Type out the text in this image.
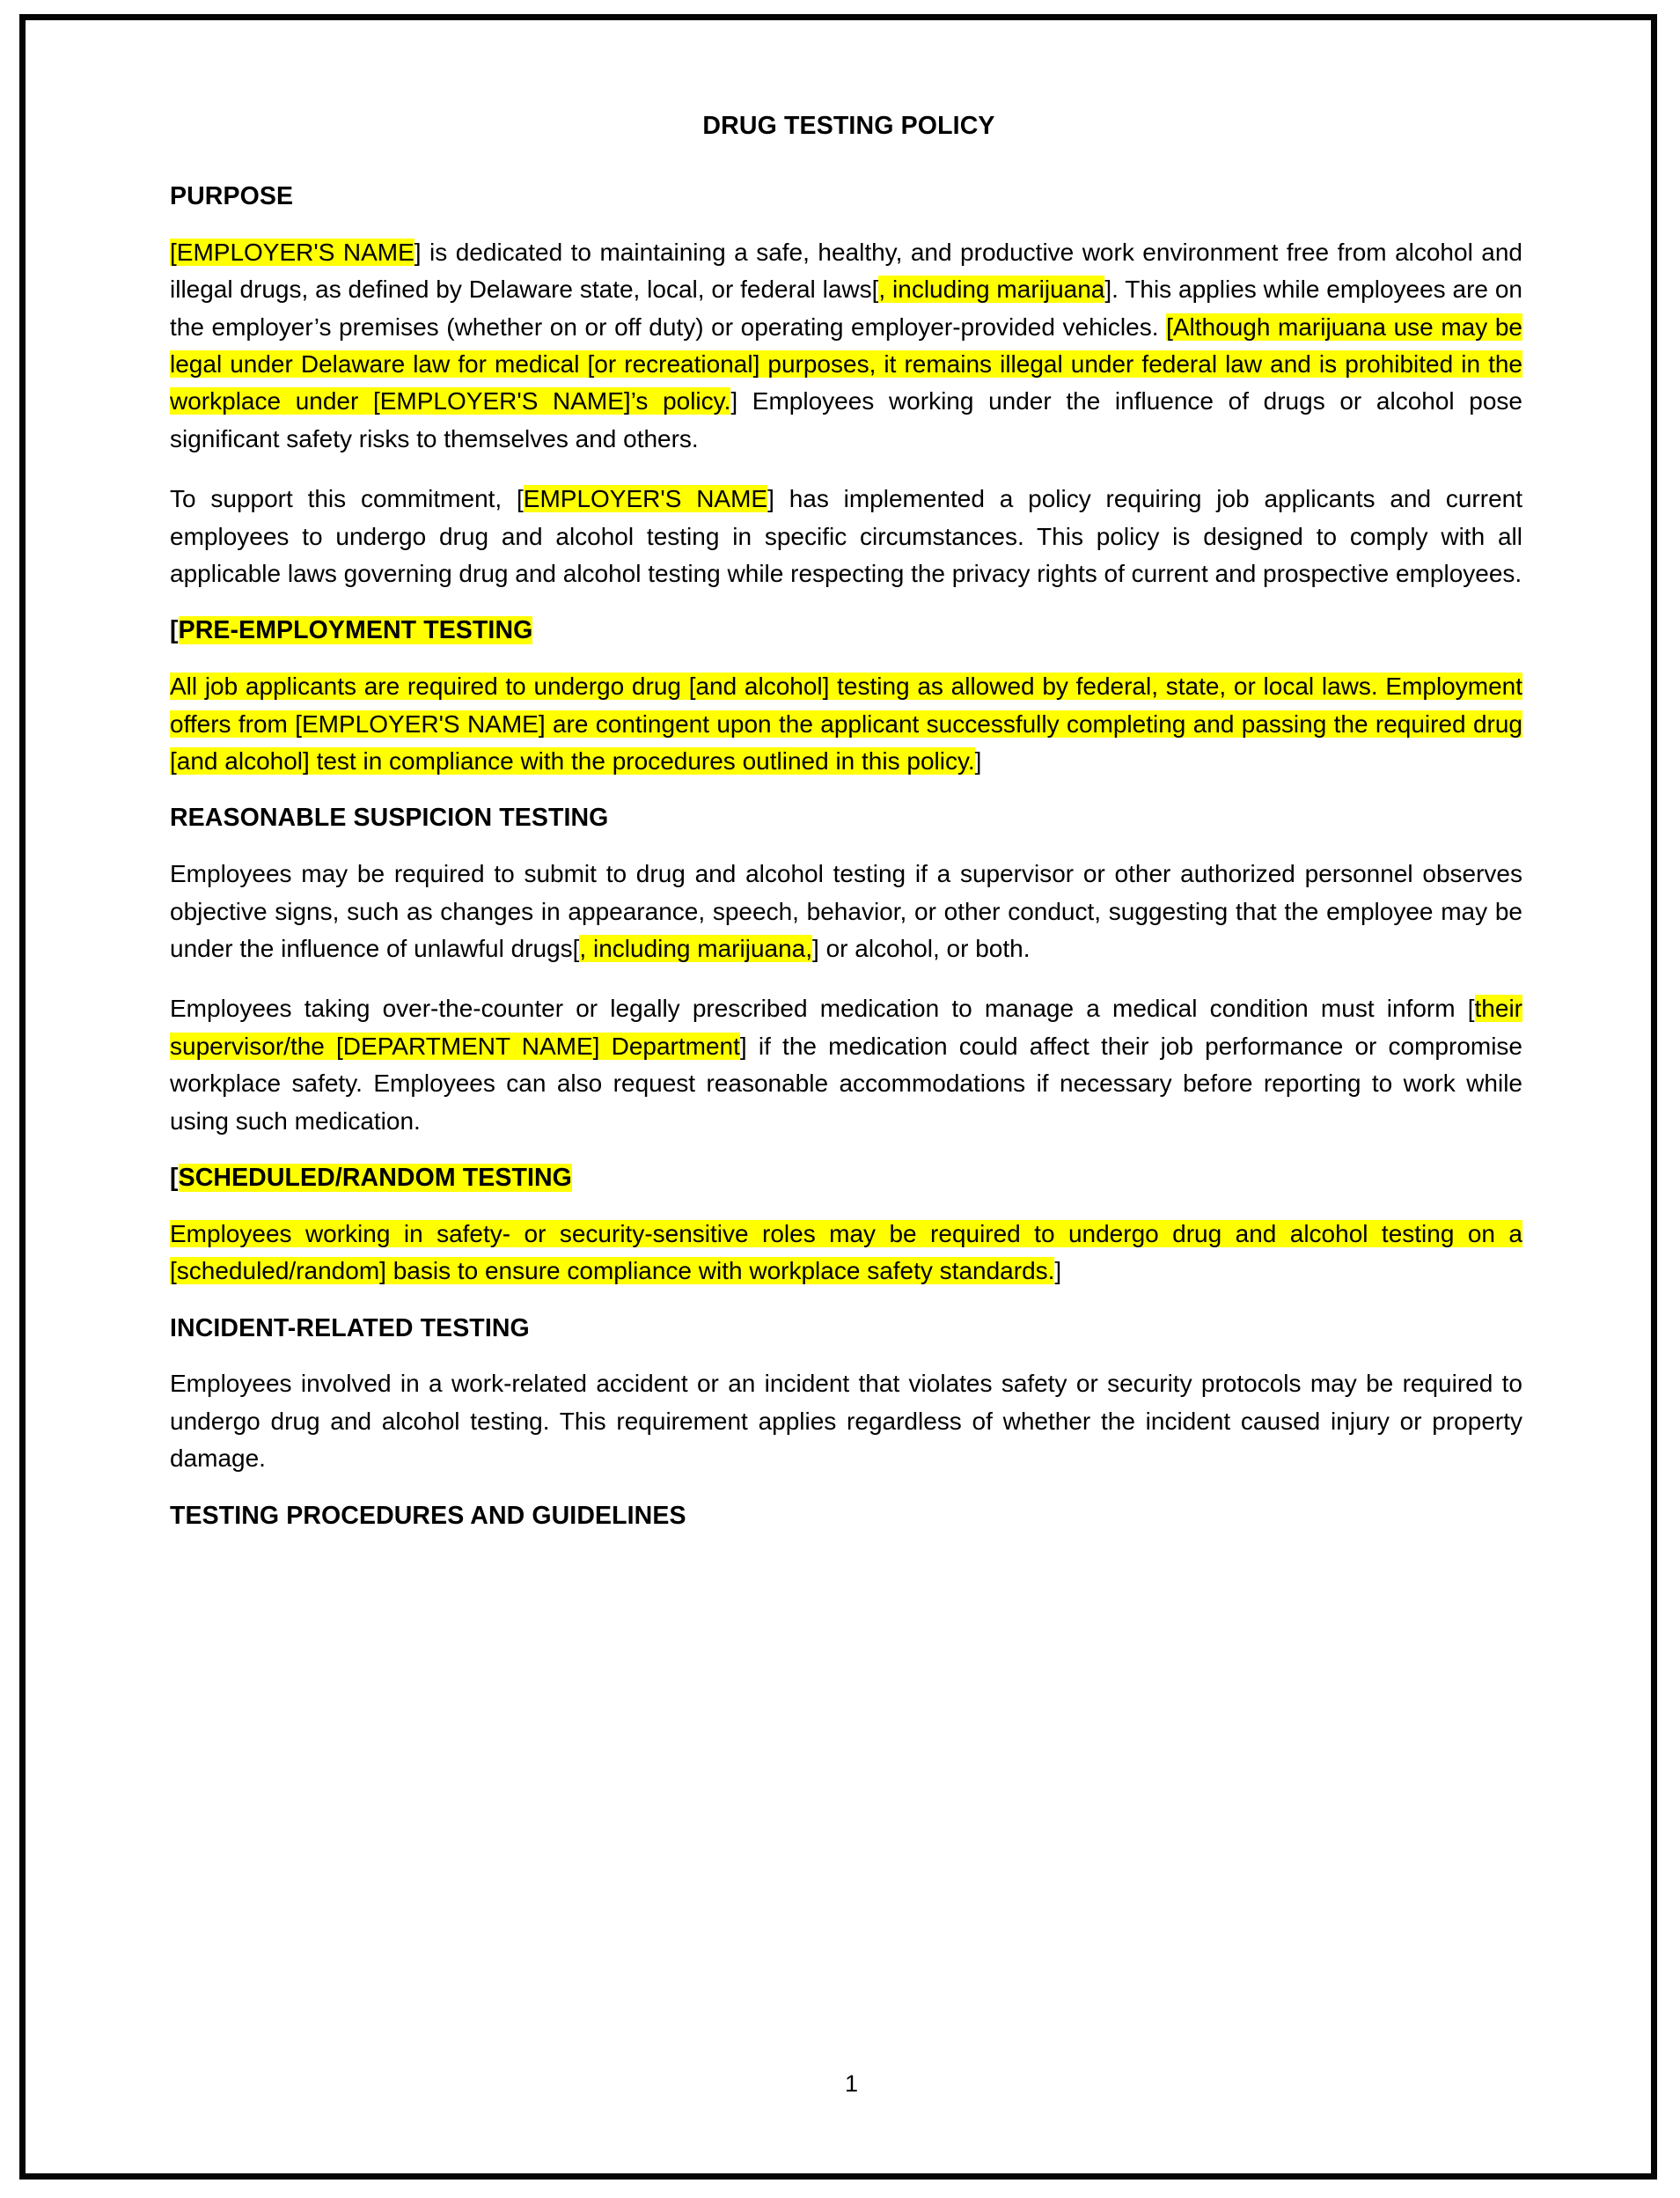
DRUG TESTING POLICY
PURPOSE

[EMPLOYER'S NAME] is dedicated to maintaining a safe, healthy, and productive work environment free from alcohol and illegal drugs, as defined by Delaware state, local, or federal laws[, including marijuana]. This applies while employees are on the employer’s premises (whether on or off duty) or operating employer-provided vehicles. [Although marijuana use may be legal under Delaware law for medical [or recreational] purposes, it remains illegal under federal law and is prohibited in the workplace under [EMPLOYER'S NAME]’s policy.] Employees working under the influence of drugs or alcohol pose significant safety risks to themselves and others.

To support this commitment, [EMPLOYER'S NAME] has implemented a policy requiring job applicants and current employees to undergo drug and alcohol testing in specific circumstances. This policy is designed to comply with all applicable laws governing drug and alcohol testing while respecting the privacy rights of current and prospective employees.

[PRE-EMPLOYMENT TESTING

All job applicants are required to undergo drug [and alcohol] testing as allowed by federal, state, or local laws. Employment offers from [EMPLOYER'S NAME] are contingent upon the applicant successfully completing and passing the required drug [and alcohol] test in compliance with the procedures outlined in this policy.]

REASONABLE SUSPICION TESTING

Employees may be required to submit to drug and alcohol testing if a supervisor or other authorized personnel observes objective signs, such as changes in appearance, speech, behavior, or other conduct, suggesting that the employee may be under the influence of unlawful drugs[, including marijuana,] or alcohol, or both.

Employees taking over-the-counter or legally prescribed medication to manage a medical condition must inform [their supervisor/the [DEPARTMENT NAME] Department] if the medication could affect their job performance or compromise workplace safety. Employees can also request reasonable accommodations if necessary before reporting to work while using such medication.

[SCHEDULED/RANDOM TESTING

Employees working in safety- or security-sensitive roles may be required to undergo drug and alcohol testing on a [scheduled/random] basis to ensure compliance with workplace safety standards.]

INCIDENT-RELATED TESTING

Employees involved in a work-related accident or an incident that violates safety or security protocols may be required to undergo drug and alcohol testing. This requirement applies regardless of whether the incident caused injury or property damage.

TESTING PROCEDURES AND GUIDELINES
1
